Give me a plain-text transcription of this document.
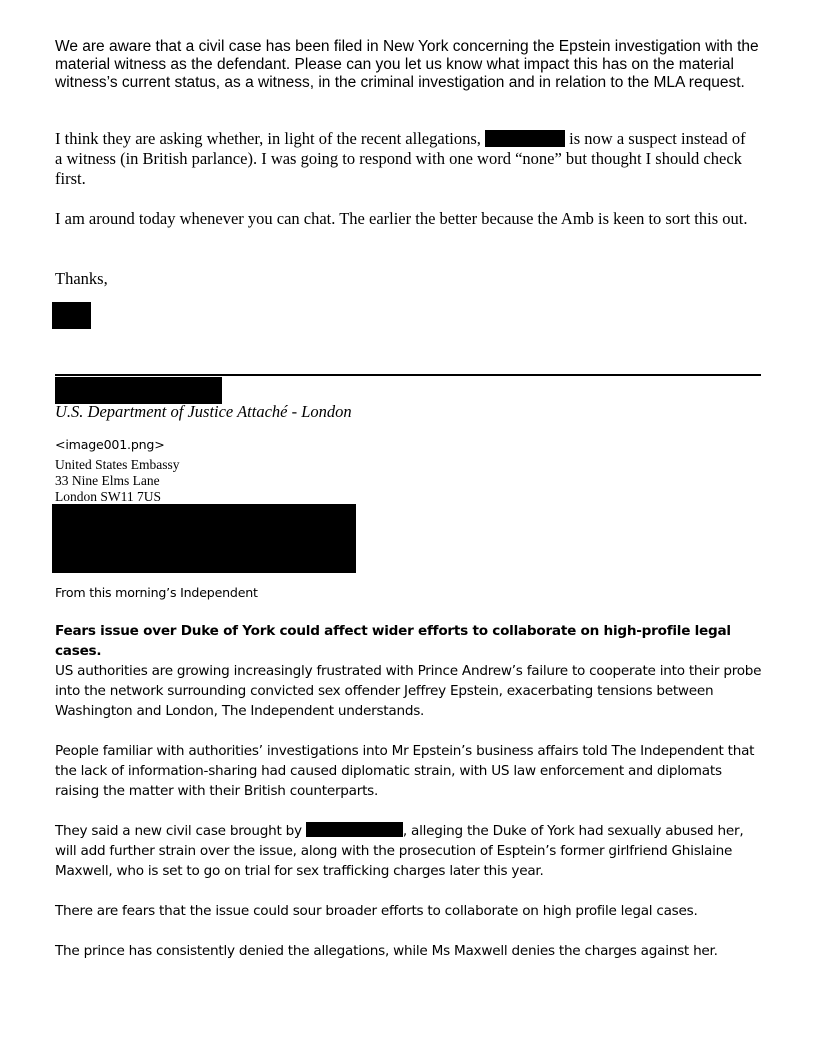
We are aware that a civil case has been filed in New York concerning the Epstein investigation with the material witness as the defendant. Please can you let us know what impact this has on the material witness’s current status, as a witness, in the criminal investigation and in relation to the MLA request.

I think they are asking whether, in light of the recent allegations,	is now a suspect instead of a witness (in British parlance). I was going to respond with one word “none” but thought I should check first.

I am around today whenever you can chat. The earlier the better because the Amb is keen to sort this out.

Thanks,

U.S. Department of Justice Attaché - London

<image001.png>

United States Embassy

33 Nine Elms Lane

London SW11 7US

From this morning’s Independent

Fears issue over Duke of York could affect wider efforts to collaborate on high-profile legal cases.

US authorities are growing increasingly frustrated with Prince Andrew’s failure to cooperate into their probe into the network surrounding convicted sex offender Jeffrey Epstein, exacerbating tensions between Washington and London, The Independent understands.

People familiar with authorities’ investigations into Mr Epstein’s business affairs told The Independent that the lack of information-sharing had caused diplomatic strain, with US law enforcement and diplomats raising the matter with their British counterparts.

They said a new civil case brought by	, alleging the Duke of York had sexually abused her, will add further strain over the issue, along with the prosecution of Esptein’s former girlfriend Ghislaine Maxwell, who is set to go on trial for sex trafficking charges later this year.

There are fears that the issue could sour broader efforts to collaborate on high profile legal cases.

The prince has consistently denied the allegations, while Ms Maxwell denies the charges against her.
